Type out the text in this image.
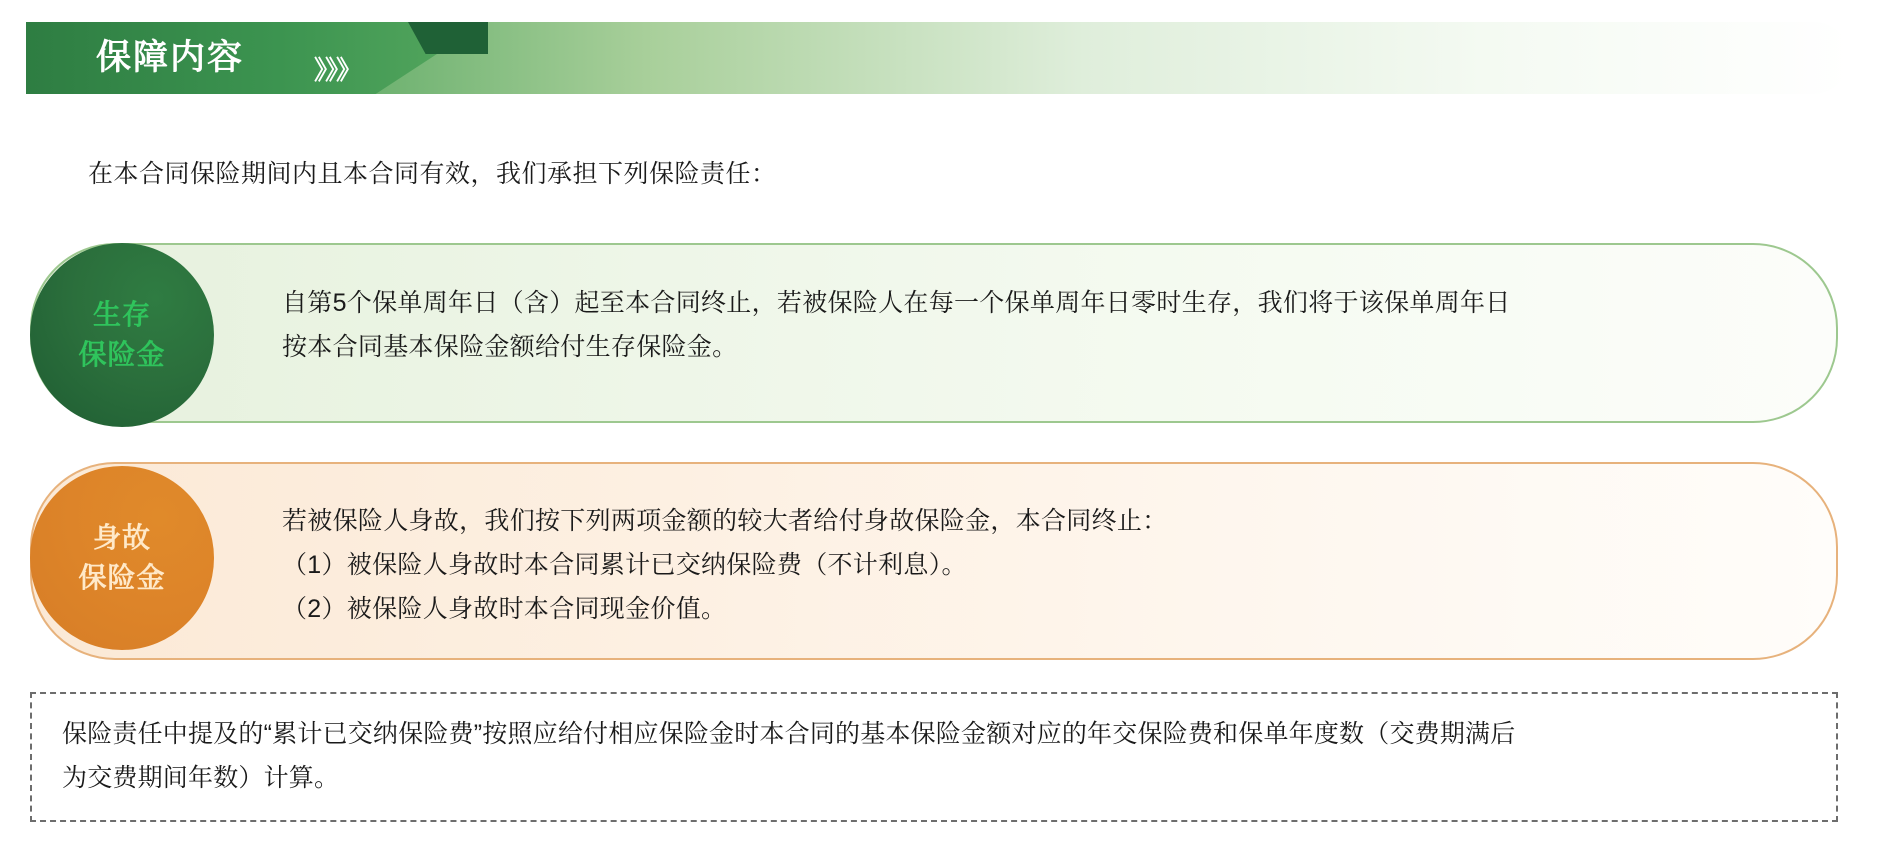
保障内容	》》》
在本合同保险期间内且本合同有效，我们承担下列保险责任：
生存
保险金

自第5个保单周年日（含）起至本合同终止，若被保险人在每一个保单周年日零时生存，我们将于该保单周年日

按本合同基本保险金额给付生存保险金。

身故
保险金

若被保险人身故，我们按下列两项金额的较大者给付身故保险金，本合同终止：

（1）被保险人身故时本合同累计已交纳保险费（不计利息）。

（2）被保险人身故时本合同现金价值。

保险责任中提及的“累计已交纳保险费”按照应给付相应保险金时本合同的基本保险金额对应的年交保险费和保单年度数（交费期满后

为交费期间年数）计算。
